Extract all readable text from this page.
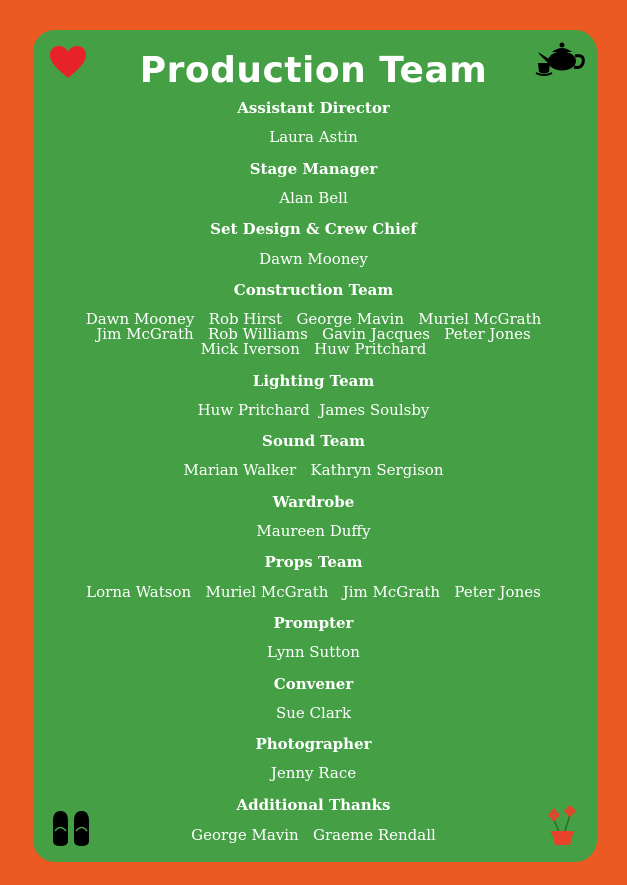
Production Team
Assistant Director
Laura Astin
Stage Manager
Alan Bell
Set Design & Crew Chief
Dawn Mooney
Construction Team
Dawn Mooney   Rob Hirst   George Mavin   Muriel McGrath
Jim McGrath   Rob Williams   Gavin Jacques   Peter Jones
Mick Iverson   Huw Pritchard
Lighting Team
Huw Pritchard  James Soulsby
Sound Team
Marian Walker   Kathryn Sergison
Wardrobe
Maureen Duffy
Props Team
Lorna Watson   Muriel McGrath   Jim McGrath   Peter Jones
Prompter
Lynn Sutton
Convener
Sue Clark
Photographer
Jenny Race
Additional Thanks
George Mavin   Graeme Rendall
